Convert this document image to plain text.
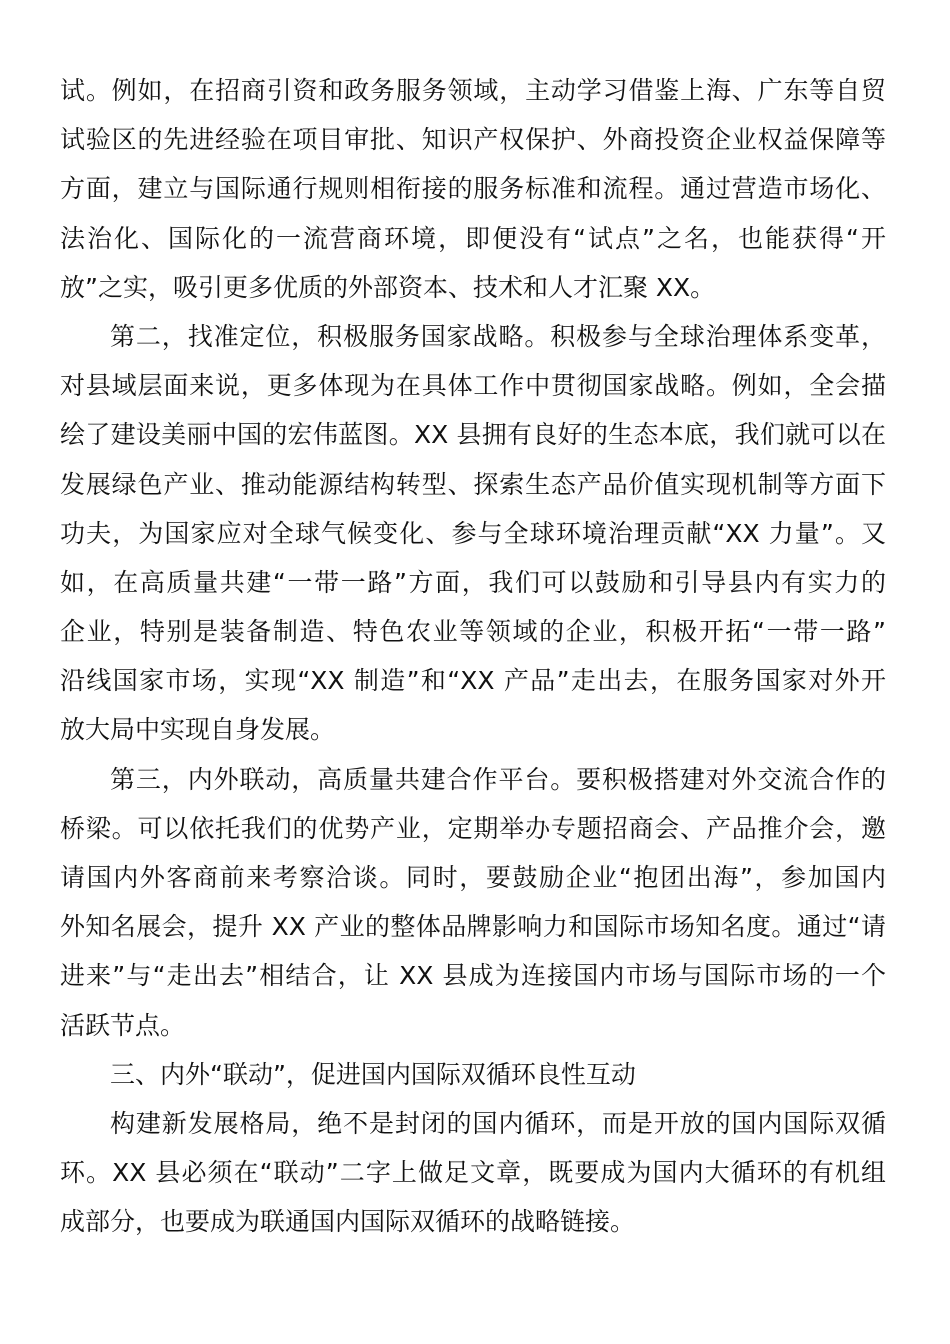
试。例如，在招商引资和政务服务领域，主动学习借鉴上海、广东等自贸
试验区的先进经验在项目审批、知识产权保护、外商投资企业权益保障等
方面，建立与国际通行规则相衔接的服务标准和流程。通过营造市场化、
法治化、国际化的一流营商环境，即便没有“试点”之名，也能获得“开
放”之实，吸引更多优质的外部资本、技术和人才汇聚 XX。
第二，找准定位，积极服务国家战略。积极参与全球治理体系变革，
对县域层面来说，更多体现为在具体工作中贯彻国家战略。例如，全会描
绘了建设美丽中国的宏伟蓝图。XX 县拥有良好的生态本底，我们就可以在
发展绿色产业、推动能源结构转型、探索生态产品价值实现机制等方面下
功夫，为国家应对全球气候变化、参与全球环境治理贡献“XX 力量”。又
如，在高质量共建“一带一路”方面，我们可以鼓励和引导县内有实力的
企业，特别是装备制造、特色农业等领域的企业，积极开拓“一带一路”
沿线国家市场，实现“XX 制造”和“XX 产品”走出去，在服务国家对外开
放大局中实现自身发展。
第三，内外联动，高质量共建合作平台。要积极搭建对外交流合作的
桥梁。可以依托我们的优势产业，定期举办专题招商会、产品推介会，邀
请国内外客商前来考察洽谈。同时，要鼓励企业“抱团出海”，参加国内
外知名展会，提升 XX 产业的整体品牌影响力和国际市场知名度。通过“请
进来”与“走出去”相结合，让 XX 县成为连接国内市场与国际市场的一个
活跃节点。
三、内外“联动”，促进国内国际双循环良性互动
构建新发展格局，绝不是封闭的国内循环，而是开放的国内国际双循
环。XX 县必须在“联动”二字上做足文章，既要成为国内大循环的有机组
成部分，也要成为联通国内国际双循环的战略链接。
